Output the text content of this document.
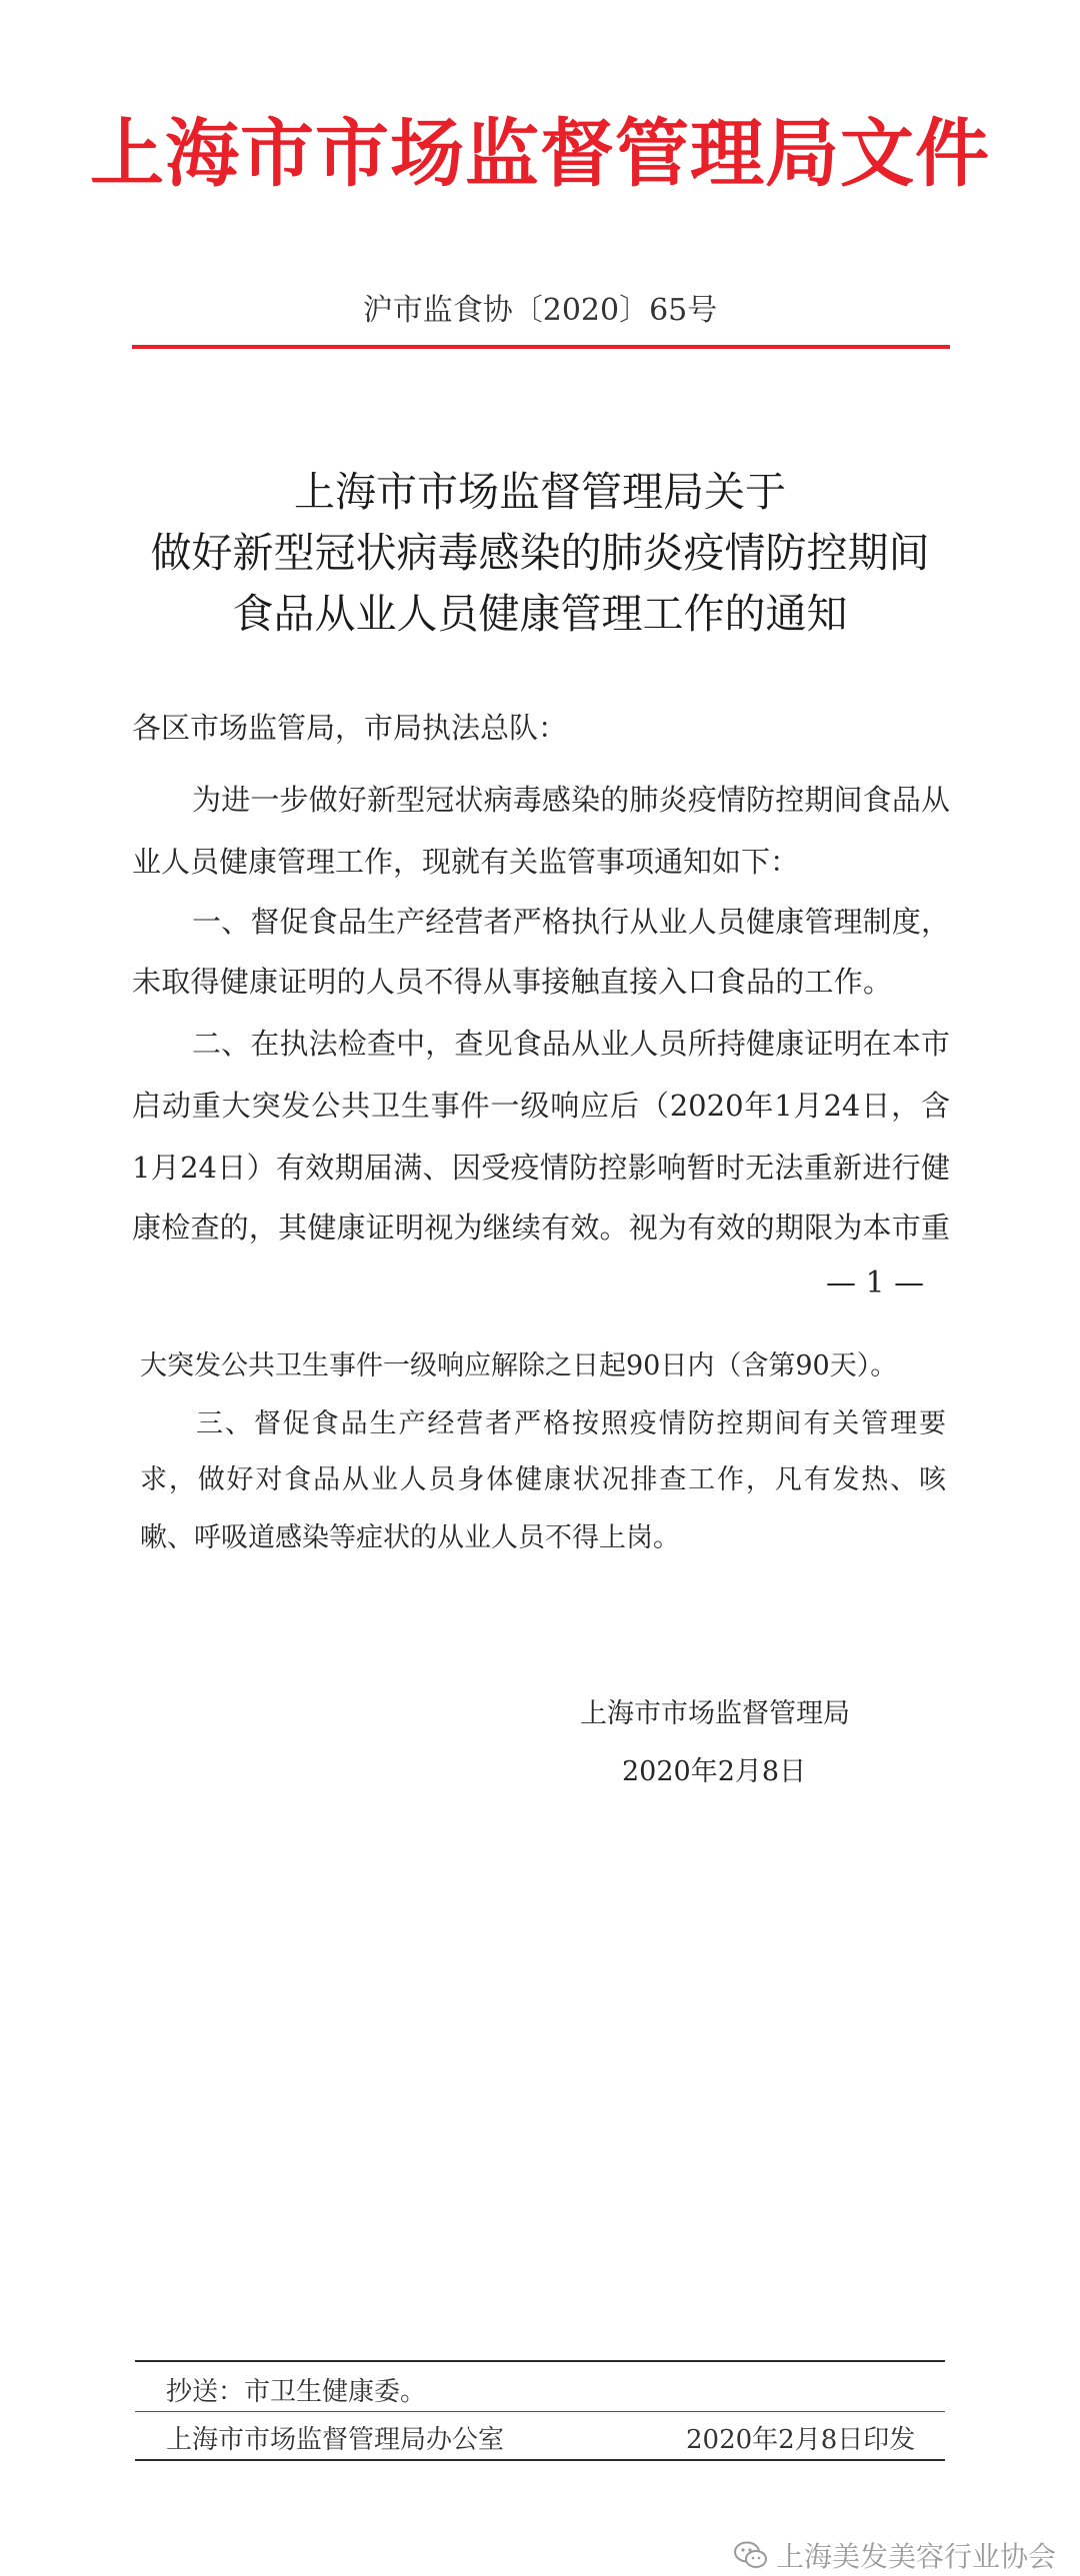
上海市市场监督管理局文件
沪市监食协〔2020〕65号
上海市市场监督管理局关于
做好新型冠状病毒感染的肺炎疫情防控期间
食品从业人员健康管理工作的通知
各区市场监管局，市局执法总队：
为进一步做好新型冠状病毒感染的肺炎疫情防控期间食品从
业人员健康管理工作，现就有关监管事项通知如下：
一、督促食品生产经营者严格执行从业人员健康管理制度，
未取得健康证明的人员不得从事接触直接入口食品的工作。
二、在执法检查中，查见食品从业人员所持健康证明在本市
启动重大突发公共卫生事件一级响应后（2020年1月24日，含
1月24日）有效期届满、因受疫情防控影响暂时无法重新进行健
康检查的，其健康证明视为继续有效。视为有效的期限为本市重
— 1 —
大突发公共卫生事件一级响应解除之日起90日内（含第90天）。
三、督促食品生产经营者严格按照疫情防控期间有关管理要
求，做好对食品从业人员身体健康状况排查工作，凡有发热、咳
嗽、呼吸道感染等症状的从业人员不得上岗。
上海市市场监督管理局
2020年2月8日
抄送：市卫生健康委。
上海市市场监督管理局办公室	2020年2月8日印发
上海美发美容行业协会
